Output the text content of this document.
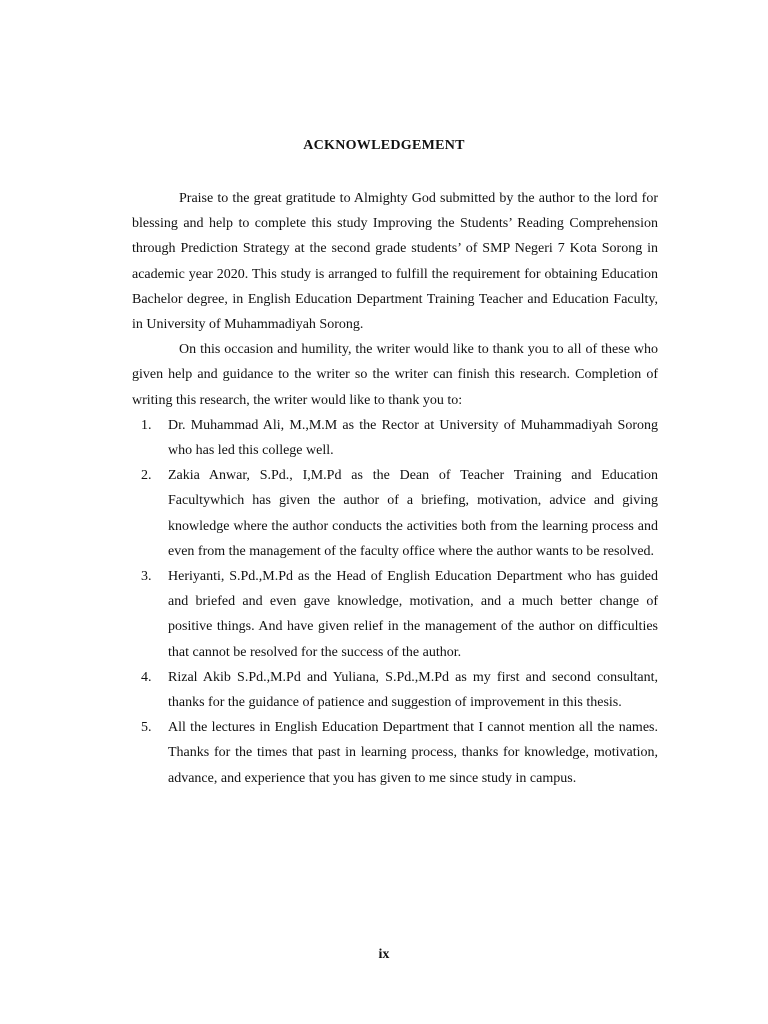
ACKNOWLEDGEMENT

Praise to the great gratitude to Almighty God submitted by the author to the lord for blessing and help to complete this study Improving the Students’ Reading Comprehension through Prediction Strategy at the second grade students’ of SMP Negeri 7 Kota Sorong in academic year 2020. This study is arranged to fulfill the requirement for obtaining Education Bachelor degree, in English Education Department Training Teacher and Education Faculty, in University of Muhammadiyah Sorong.

On this occasion and humility, the writer would like to thank you to all of these who given help and guidance to the writer so the writer can finish this research. Completion of writing this research, the writer would like to thank you to:

1. Dr. Muhammad Ali, M.,M.M as the Rector at University of Muhammadiyah Sorong who has led this college well.
2. Zakia Anwar, S.Pd., I,M.Pd as the Dean of Teacher Training and Education Facultywhich has given the author of a briefing, motivation, advice and giving knowledge where the author conducts the activities both from the learning process and even from the management of the faculty office where the author wants to be resolved.
3. Heriyanti, S.Pd.,M.Pd as the Head of English Education Department who has guided and briefed and even gave knowledge, motivation, and a much better change of positive things. And have given relief in the management of the author on difficulties that cannot be resolved for the success of the author.
4. Rizal Akib S.Pd.,M.Pd and Yuliana, S.Pd.,M.Pd as my first and second consultant, thanks for the guidance of patience and suggestion of improvement in this thesis.
5. All the lectures in English Education Department that I cannot mention all the names. Thanks for the times that past in learning process, thanks for knowledge, motivation, advance, and experience that you has given to me since study in campus.
ix
